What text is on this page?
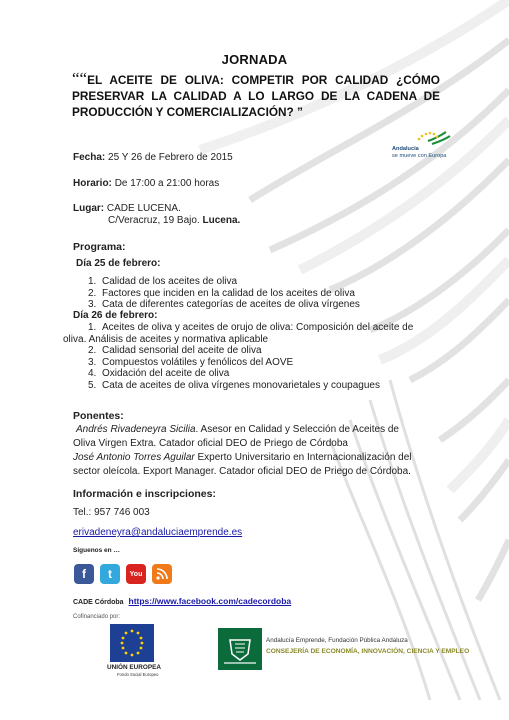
JORNADA
““EL ACEITE DE OLIVA: COMPETIR POR CALIDAD ¿CÓMO PRESERVAR LA CALIDAD A LO LARGO DE LA CADENA DE PRODUCCIÓN Y COMERCIALIZACIÓN? ”
Andalucía
se mueve con Europa
Fecha: 25 Y 26 de Febrero de 2015
Horario: De 17:00 a 21:00 horas
Lugar: CADE LUCENA.
C/Veracruz, 19 Bajo. Lucena.
Programa:
Día 25 de febrero:
1. Calidad de los aceites de oliva
2. Factores que inciden en la calidad de los aceites de oliva
3. Cata de diferentes categorías de aceites de oliva vírgenes
Día 26 de febrero:
1. Aceites de oliva y aceites de orujo de oliva: Composición del aceite de
oliva. Análisis de aceites y normativa aplicable
2. Calidad sensorial del aceite de oliva
3. Compuestos volátiles y fenólicos del AOVE
4. Oxidación del aceite de oliva
5. Cata de aceites de oliva vírgenes monovarietales y coupagues
Ponentes:
Andrés Rivadeneyra Sicilia. Asesor en Calidad y Selección de Aceites de
Oliva Virgen Extra. Catador oficial DEO de Priego de Córdoba
José Antonio Torres Aguilar Experto Universitario en Internacionalización del
sector oleícola. Export Manager. Catador oficial DEO de Priego de Córdoba.
Información e inscripciones:
Tel.: 957 746 003
erivadeneyra@andaluciaemprende.es
Síguenos en …
f	t	You

CADE Córdoba https://www.facebook.com/cadecordoba
Cofinanciado por:
UNIÓN EUROPEA
Fondo Social Europeo
Andalucía Emprende, Fundación Pública Andaluza
CONSEJERÍA DE ECONOMÍA, INNOVACIÓN, CIENCIA Y EMPLEO
